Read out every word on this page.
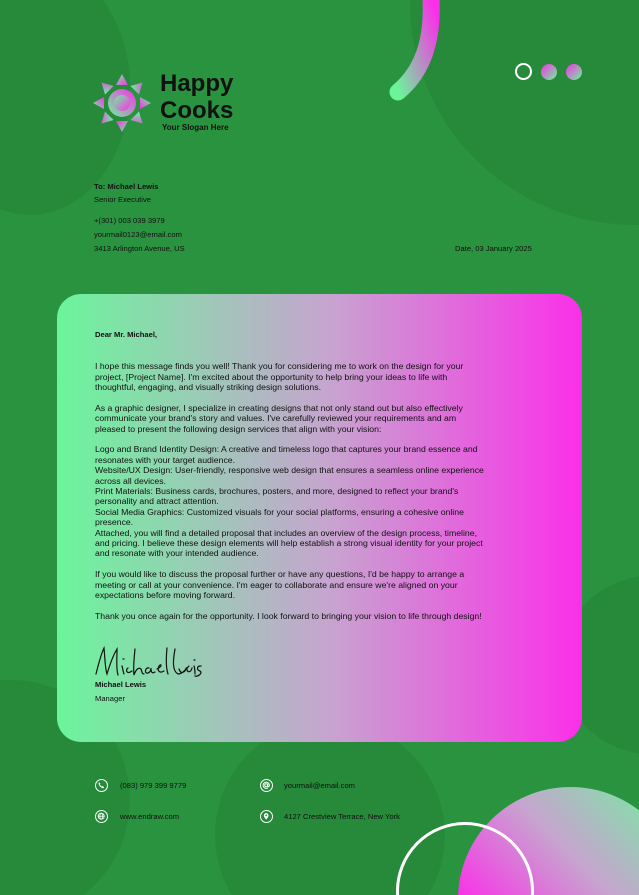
Happy
Cooks
Your Slogan Here
To: Michael Lewis
Senior Executive
+(301) 003 039 3979
yourmail0123@email.com
3413 Arlington Avenue, US	Date, 03 January 2025

Dear Mr. Michael,

I hope this message finds you well! Thank you for considering me to work on the design for your

project, [Project Name]. I'm excited about the opportunity to help bring your ideas to life with

thoughtful, engaging, and visually striking design solutions.

As a graphic designer, I specialize in creating designs that not only stand out but also effectively

communicate your brand's story and values. I've carefully reviewed your requirements and am

pleased to present the following design services that align with your vision:

Logo and Brand Identity Design: A creative and timeless logo that captures your brand essence and

resonates with your target audience.

Website/UX Design: User-friendly, responsive web design that ensures a seamless online experience

across all devices.

Print Materials: Business cards, brochures, posters, and more, designed to reflect your brand's

personality and attract attention.

Social Media Graphics: Customized visuals for your social platforms, ensuring a cohesive online

presence.

Attached, you will find a detailed proposal that includes an overview of the design process, timeline,

and pricing. I believe these design elements will help establish a strong visual identity for your project

and resonate with your intended audience.

If you would like to discuss the proposal further or have any questions, I'd be happy to arrange a

meeting or call at your convenience. I'm eager to collaborate and ensure we're aligned on your

expectations before moving forward.

Thank you once again for the opportunity. I look forward to bringing your vision to life through design!

Michael Lewis
Manager
(083) 979 399 9779	yourmail@email.com
www.endraw.com	4127 Crestview Terrace, New York
